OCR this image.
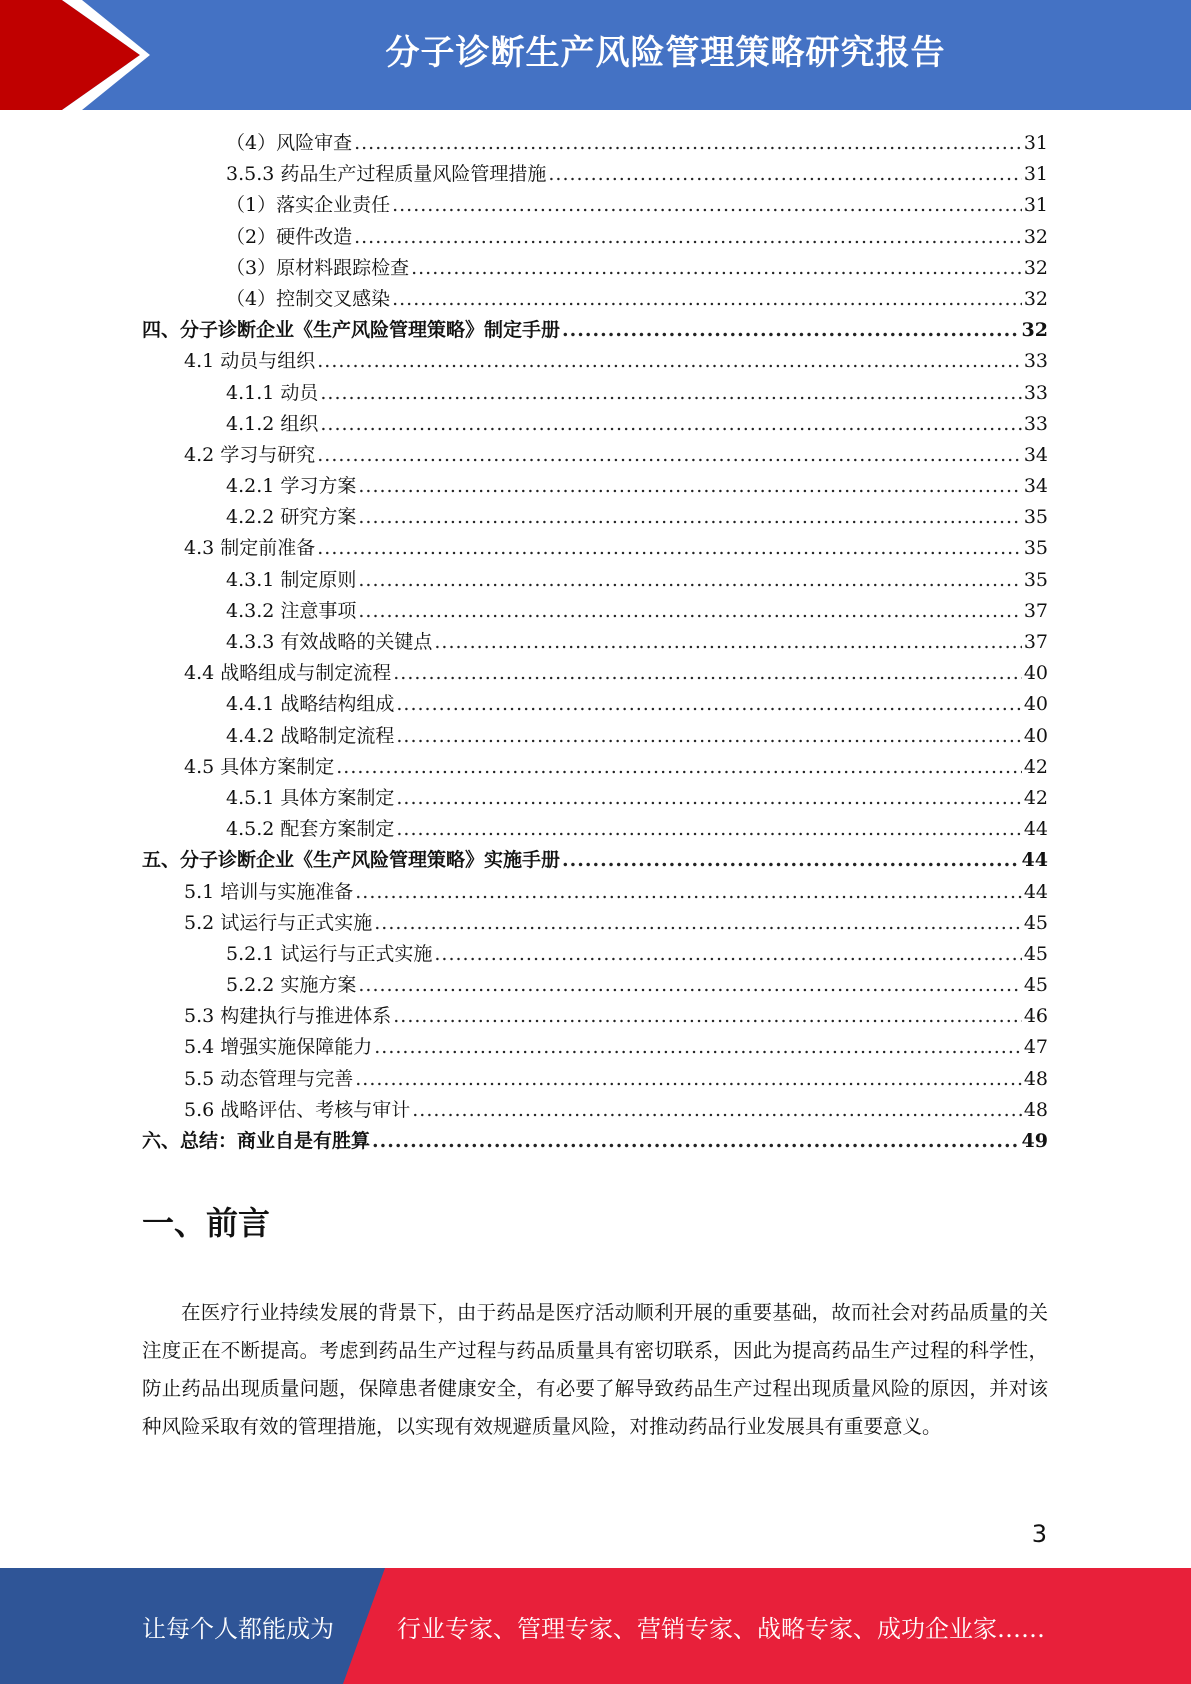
分子诊断生产风险管理策略研究报告
（4）风险审查 .....	31
3.5.3 药品生产过程质量风险管理措施 .....	31
（1）落实企业责任 .....	31
（2）硬件改造 .....	32
（3）原材料跟踪检查 .....	32
（4）控制交叉感染 .....	32
四、分子诊断企业《生产风险管理策略》制定手册 .....	32
4.1 动员与组织 .....	33
4.1.1 动员 .....	33
4.1.2 组织 .....	33
4.2 学习与研究 .....	34
4.2.1 学习方案 .....	34
4.2.2 研究方案 .....	35
4.3 制定前准备 .....	35
4.3.1 制定原则 .....	35
4.3.2 注意事项 .....	37
4.3.3 有效战略的关键点 .....	37
4.4 战略组成与制定流程 .....	40
4.4.1 战略结构组成 .....	40
4.4.2 战略制定流程 .....	40
4.5 具体方案制定 .....	42
4.5.1 具体方案制定 .....	42
4.5.2 配套方案制定 .....	44
五、分子诊断企业《生产风险管理策略》实施手册 .....	44
5.1 培训与实施准备 .....	44
5.2 试运行与正式实施 .....	45
5.2.1 试运行与正式实施 .....	45
5.2.2 实施方案 .....	45
5.3 构建执行与推进体系 .....	46
5.4 增强实施保障能力 .....	47
5.5 动态管理与完善 .....	48
5.6 战略评估、考核与审计 .....	48
六、总结：商业自是有胜算 .....	49
一、前言

在医疗行业持续发展的背景下，由于药品是医疗活动顺利开展的重要基础，故而社会对药品质量的关注度正在不断提高。考虑到药品生产过程与药品质量具有密切联系，因此为提高药品生产过程的科学性，防止药品出现质量问题，保障患者健康安全，有必要了解导致药品生产过程出现质量风险的原因，并对该种风险采取有效的管理措施，以实现有效规避质量风险，对推动药品行业发展具有重要意义。

3
让每个人都能成为	行业专家、管理专家、营销专家、战略专家、成功企业家……
